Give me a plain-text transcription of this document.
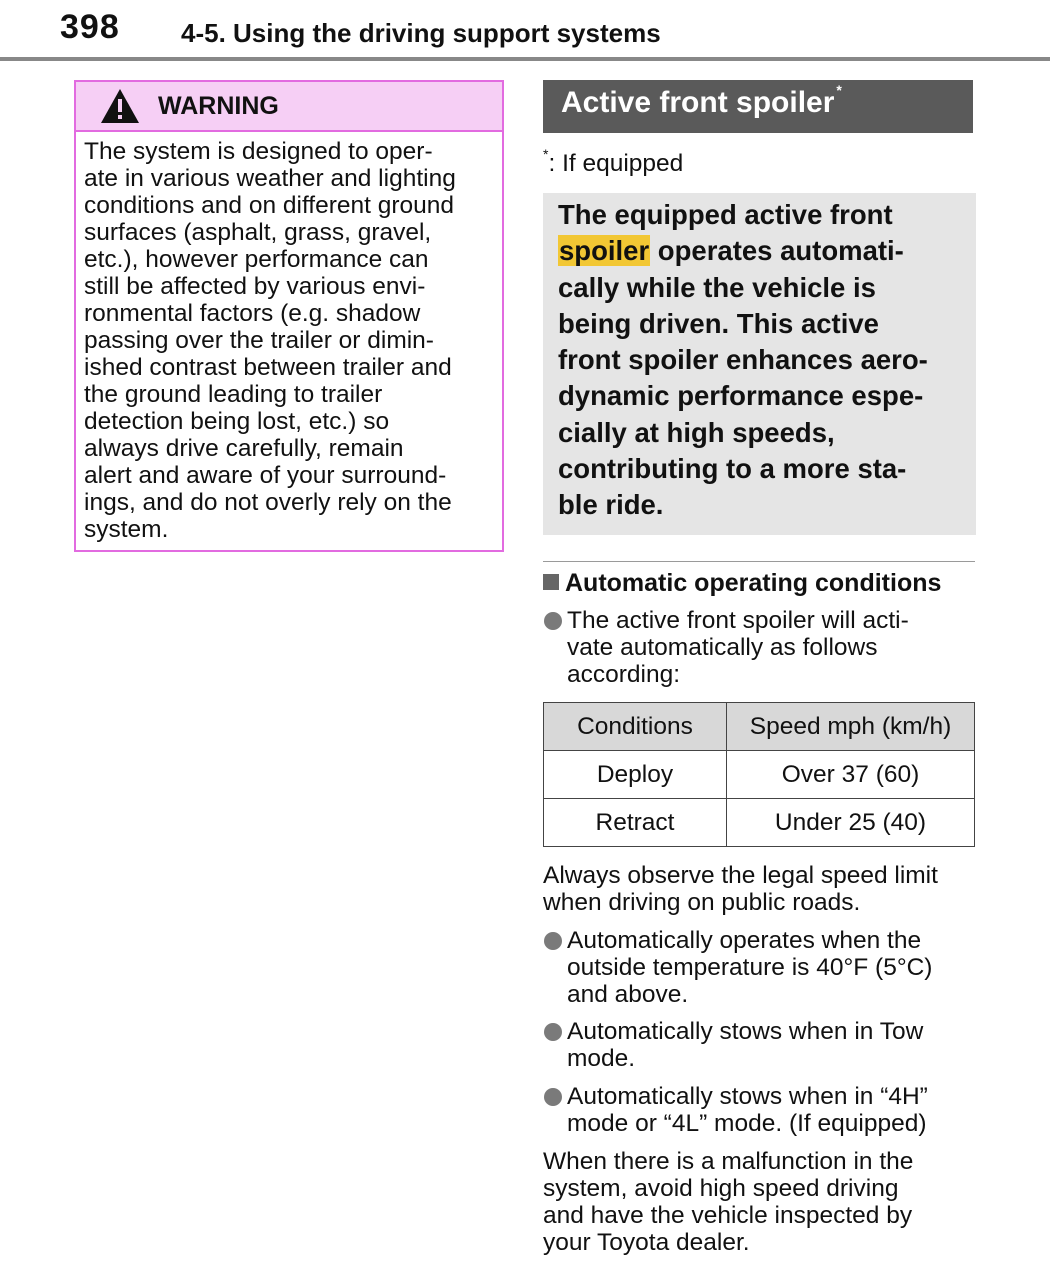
398 4-5. Using the driving support systems
WARNING
The system is designed to oper-
ate in various weather and lighting
conditions and on different ground
surfaces (asphalt, grass, gravel,
etc.), however performance can
still be affected by various envi-
ronmental factors (e.g. shadow
passing over the trailer or dimin-
ished contrast between trailer and
the ground leading to trailer
detection being lost, etc.) so
always drive carefully, remain
alert and aware of your surround-
ings, and do not overly rely on the
system.
Active front spoiler *
*: If equipped
The equipped active front
spoiler operates automati-
cally while the vehicle is
being driven. This active
front spoiler enhances aero-
dynamic performance espe-
cially at high speeds,
contributing to a more sta-
ble ride.
Automatic operating conditions
The active front spoiler will acti-
vate automatically as follows
according:
Conditions	Speed mph (km/h)
Deploy	Over 37 (60)
Retract	Under 25 (40)
Always observe the legal speed limit
when driving on public roads.
Automatically operates when the
outside temperature is 40°F (5°C)
and above.
Automatically stows when in Tow
mode.
Automatically stows when in “4H”
mode or “4L” mode. (If equipped)
When there is a malfunction in the
system, avoid high speed driving
and have the vehicle inspected by
your Toyota dealer.
